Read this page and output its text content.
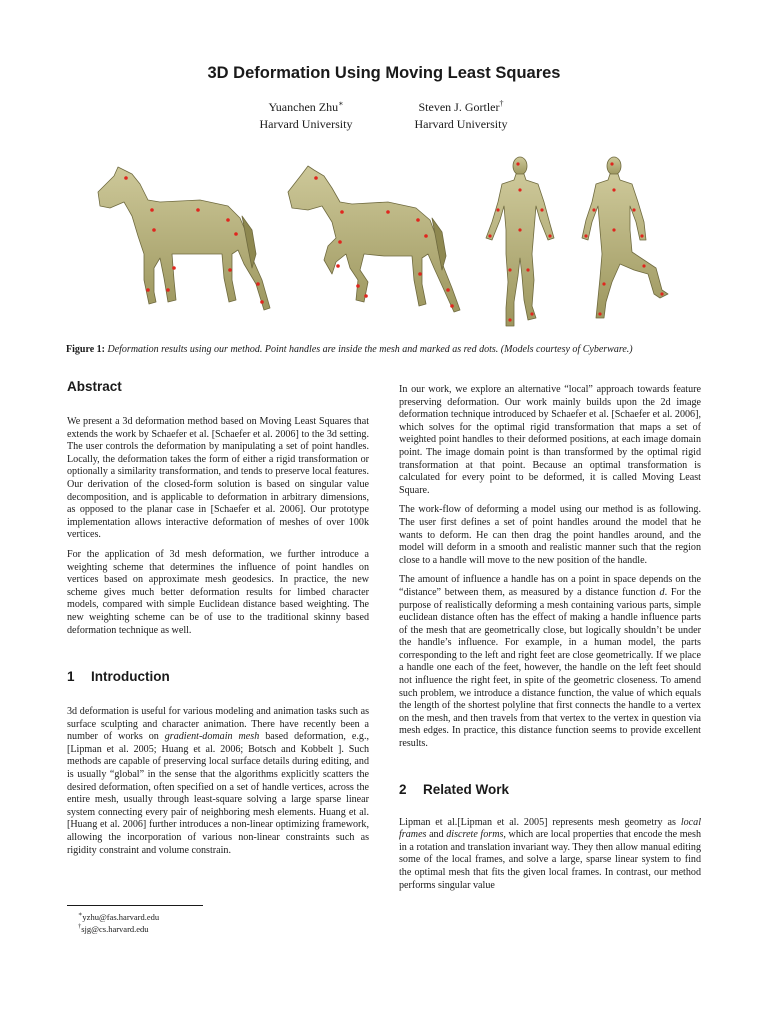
3D Deformation Using Moving Least Squares
Yuanchen Zhu∗
Harvard University
Steven J. Gortler†
Harvard University
Figure 1: Deformation results using our method. Point handles are inside the mesh and marked as red dots. (Models courtesy of Cyberware.)
Abstract

We present a 3d deformation method based on Moving Least Squares that extends the work by Schaefer et al. [Schaefer et al. 2006] to the 3d setting. The user controls the deformation by manipulating a set of point handles. Locally, the deformation takes the form of either a rigid transformation or optionally a similarity transformation, and tends to preserve local features. Our derivation of the closed-form solution is based on singular value decomposition, and is applicable to deformation in arbitrary dimensions, as opposed to the planar case in [Schaefer et al. 2006]. Our prototype implementation allows interactive deformation of meshes of over 100k vertices.

For the application of 3d mesh deformation, we further introduce a weighting scheme that determines the influence of point handles on vertices based on approximate mesh geodesics. In practice, the new scheme gives much better deformation results for limbed character models, compared with simple Euclidean distance based weighting. The new weighting scheme can be of use to the traditional skinny based deformation technique as well.

1 Introduction

3d deformation is useful for various modeling and animation tasks such as surface sculpting and character animation. There have recently been a number of works on gradient-domain mesh based deformation, e.g., [Lipman et al. 2005; Huang et al. 2006; Botsch and Kobbelt ]. Such methods are capable of preserving local surface details during editing, and is usually “global” in the sense that the algorithms explicitly scatters the desired deformation, often specified on a set of handle vertices, across the entire mesh, usually through least-square solving a large sparse linear system connecting every pair of neighboring mesh elements. Huang et al. [Huang et al. 2006] further introduces a non-linear optimizing framework, allowing the incorporation of various non-linear constraints such as rigidity constraint and volume constrain.

∗yzhu@fas.harvard.edu
†sjg@cs.harvard.edu

In our work, we explore an alternative “local” approach towards feature preserving deformation. Our work mainly builds upon the 2d image deformation technique introduced by Schaefer et al. [Schaefer et al. 2006], which solves for the optimal rigid transformation that maps a set of weighted point handles to their deformed positions, at each image domain point. The image domain point is than transformed by the optimal rigid transformation at that point. Because an optimal transformation is calculated for every point to be deformed, it is called Moving Least Square.

The work-flow of deforming a model using our method is as following. The user first defines a set of point handles around the model that he wants to deform. He can then drag the point handles around, and the model will deform in a smooth and realistic manner such that the region close to a handle will move to the new position of the handle.

The amount of influence a handle has on a point in space depends on the “distance” between them, as measured by a distance function d. For the purpose of realistically deforming a mesh containing various parts, simple euclidean distance often has the effect of making a handle influence parts of the mesh that are geometrically close, but logically shouldn’t be under the handle’s influence. For example, in a human model, the parts corresponding to the left and right feet are close geometrically. If we place a handle one each of the feet, however, the handle on the left feet should not influence the right feet, in spite of the geometric closeness. To amend such problem, we introduce a distance function, the value of which equals the length of the shortest polyline that first connects the handle to a vertex on the mesh, and then travels from that vertex to the vertex in question via mesh edges. In practice, this distance function seems to provide excellent results.

2 Related Work

Lipman et al.[Lipman et al. 2005] represents mesh geometry as local frames and discrete forms, which are local properties that encode the mesh in a rotation and translation invariant way. They then allow manual editing some of the local frames, and solve a large, sparse linear system to find the optimal mesh that fits the given local frames. In contrast, our method performs singular value
